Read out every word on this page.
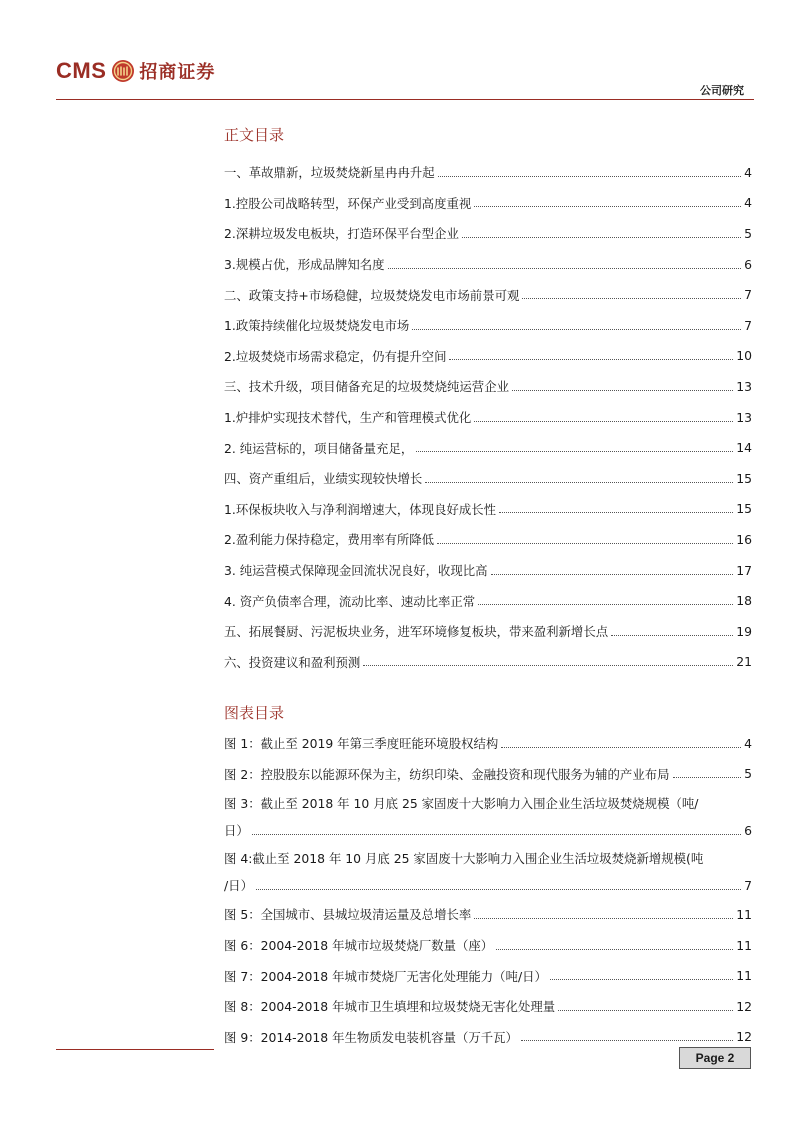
CMS 招商证券
公司研究
正文目录
一、革故鼎新，垃圾焚烧新星冉冉升起	4
1.控股公司战略转型，环保产业受到高度重视	4
2.深耕垃圾发电板块，打造环保平台型企业	5
3.规模占优，形成品牌知名度	6
二、政策支持+市场稳健，垃圾焚烧发电市场前景可观	7
1.政策持续催化垃圾焚烧发电市场	7
2.垃圾焚烧市场需求稳定，仍有提升空间	10
三、技术升级，项目储备充足的垃圾焚烧纯运营企业	13
1.炉排炉实现技术替代，生产和管理模式优化	13
2. 纯运营标的，项目储备量充足，	14
四、资产重组后，业绩实现较快增长	15
1.环保板块收入与净利润增速大，体现良好成长性	15
2.盈利能力保持稳定，费用率有所降低	16
3. 纯运营模式保障现金回流状况良好，收现比高	17
4. 资产负债率合理，流动比率、速动比率正常	18
五、拓展餐厨、污泥板块业务，进军环境修复板块，带来盈利新增长点	19
六、投资建议和盈利预测	21
图表目录
图 1：截止至 2019 年第三季度旺能环境股权结构	4
图 2：控股股东以能源环保为主，纺织印染、金融投资和现代服务为辅的产业布局	5
图 3：截止至 2018 年 10 月底 25 家固废十大影响力入围企业生活垃圾焚烧规模（吨/
日）	6
图 4:截止至 2018 年 10 月底 25 家固废十大影响力入围企业生活垃圾焚烧新增规模(吨
/日）	7
图 5：全国城市、县城垃圾清运量及总增长率	11
图 6：2004-2018 年城市垃圾焚烧厂数量（座）	11
图 7：2004-2018 年城市焚烧厂无害化处理能力（吨/日）	11
图 8：2004-2018 年城市卫生填埋和垃圾焚烧无害化处理量	12
图 9：2014-2018 年生物质发电装机容量（万千瓦）	12
Page 2
